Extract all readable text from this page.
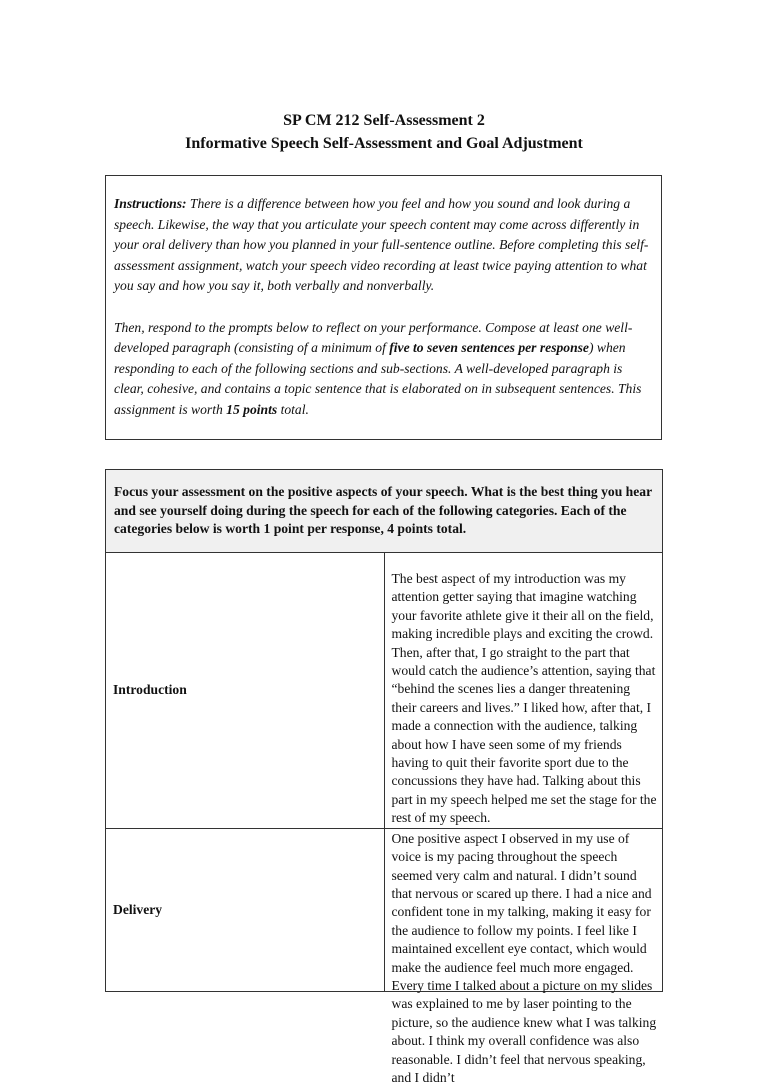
SP CM 212 Self-Assessment 2
Informative Speech Self-Assessment and Goal Adjustment

Instructions: There is a difference between how you feel and how you sound and look during a speech. Likewise, the way that you articulate your speech content may come across differently in your oral delivery than how you planned in your full-sentence outline. Before completing this self-assessment assignment, watch your speech video recording at least twice paying attention to what you say and how you say it, both verbally and nonverbally.

Then, respond to the prompts below to reflect on your performance. Compose at least one well-developed paragraph (consisting of a minimum of five to seven sentences per response) when responding to each of the following sections and sub-sections. A well-developed paragraph is clear, cohesive, and contains a topic sentence that is elaborated on in subsequent sentences. This assignment is worth 15 points total.

Focus your assessment on the positive aspects of your speech. What is the best thing you hear and see yourself doing during the speech for each of the following categories. Each of the categories below is worth 1 point per response, 4 points total.	
Introduction	The best aspect of my introduction was my attention getter saying that imagine watching your favorite athlete give it their all on the field, making incredible plays and exciting the crowd. Then, after that, I go straight to the part that would catch the audience’s attention, saying that “behind the scenes lies a danger threatening their careers and lives.” I liked how, after that, I made a connection with the audience, talking about how I have seen some of my friends having to quit their favorite sport due to the concussions they have had. Talking about this part in my speech helped me set the stage for the rest of my speech.
Delivery	One positive aspect I observed in my use of voice is my pacing throughout the speech seemed very calm and natural. I didn’t sound that nervous or scared up there. I had a nice and confident tone in my talking, making it easy for the audience to follow my points. I feel like I maintained excellent eye contact, which would make the audience feel much more engaged. Every time I talked about a picture on my slides was explained to me by laser pointing to the picture, so the audience knew what I was talking about. I think my overall confidence was also reasonable. I didn’t feel that nervous speaking, and I didn’t
